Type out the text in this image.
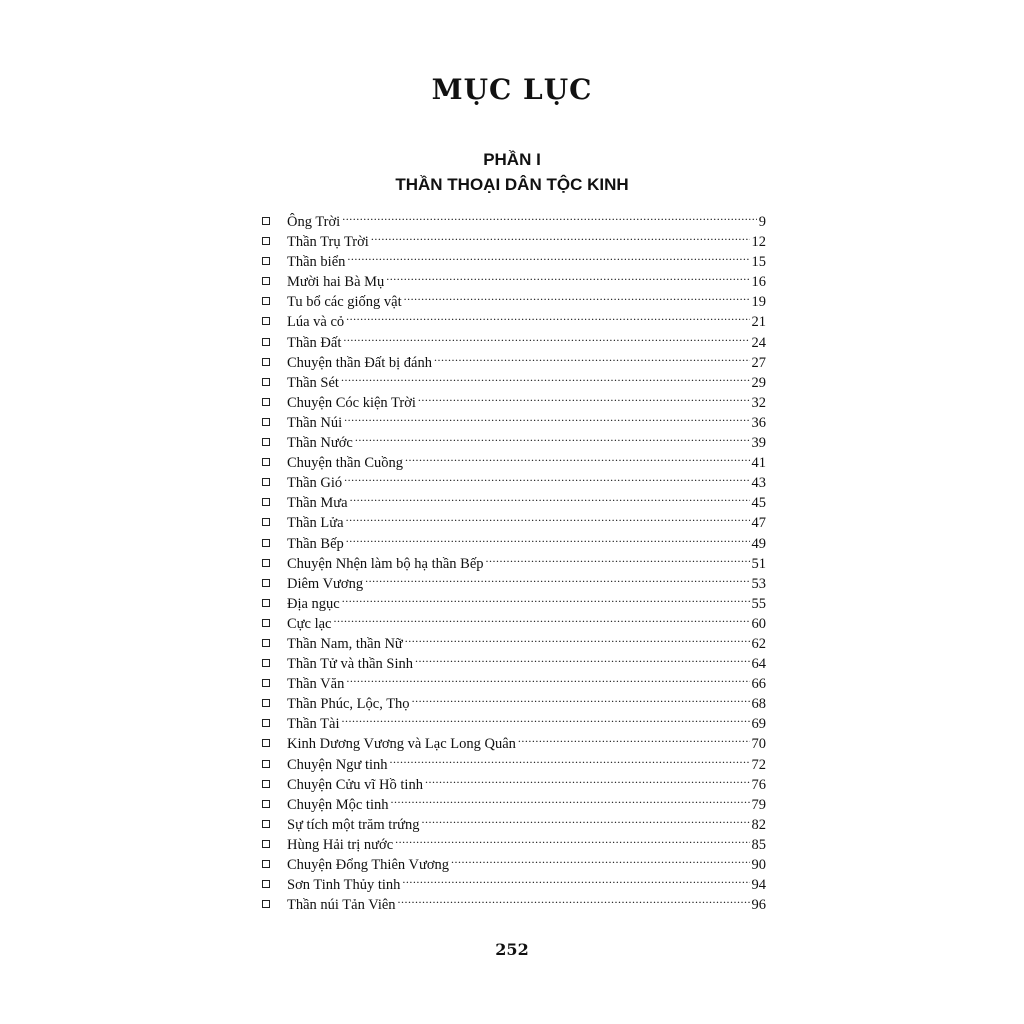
MỤC LỤC
PHẦN I
THẦN THOẠI DÂN TỘC KINH
Ông Trời .....	9
Thần Trụ Trời .....	12
Thần biển .....	15
Mười hai Bà Mụ .....	16
Tu bổ các giống vật .....	19
Lúa và cỏ .....	21
Thần Đất .....	24
Chuyện thần Đất bị đánh .....	27
Thần Sét .....	29
Chuyện Cóc kiện Trời .....	32
Thần Núi .....	36
Thần Nước .....	39
Chuyện thần Cuồng .....	41
Thần Gió .....	43
Thần Mưa .....	45
Thần Lửa .....	47
Thần Bếp .....	49
Chuyện Nhện làm bộ hạ thần Bếp .....	51
Diêm Vương .....	53
Địa ngục .....	55
Cực lạc .....	60
Thần Nam, thần Nữ .....	62
Thần Tử và thần Sinh .....	64
Thần Văn .....	66
Thần Phúc, Lộc, Thọ .....	68
Thần Tài .....	69
Kinh Dương Vương và Lạc Long Quân .....	70
Chuyện Ngư tinh .....	72
Chuyện Cửu vĩ Hồ tinh .....	76
Chuyện Mộc tinh .....	79
Sự tích một trăm trứng .....	82
Hùng Hải trị nước .....	85
Chuyện Đổng Thiên Vương .....	90
Sơn Tinh Thủy tinh .....	94
Thần núi Tản Viên .....	96
252
